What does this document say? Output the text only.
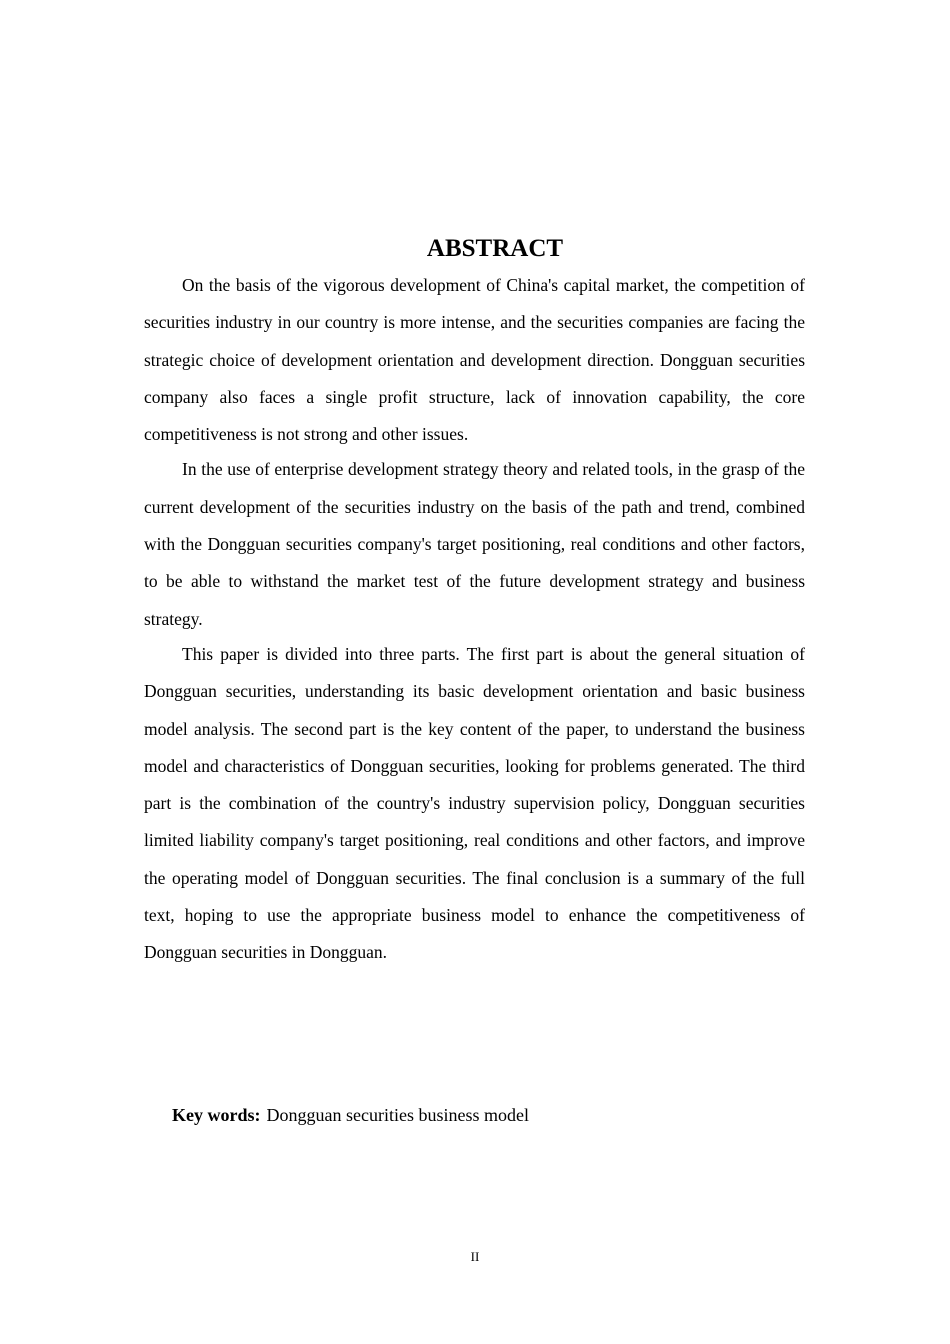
ABSTRACT

On the basis of the vigorous development of China's capital market, the competition of securities industry in our country is more intense, and the securities companies are facing the strategic choice of development orientation and development direction. Dongguan securities company also faces a single profit structure, lack of innovation capability, the core competitiveness is not strong and other issues.

In the use of enterprise development strategy theory and related tools, in the grasp of the current development of the securities industry on the basis of the path and trend, combined with the Dongguan securities company's target positioning, real conditions and other factors, to be able to withstand the market test of the future development strategy and business strategy.

This paper is divided into three parts. The first part is about the general situation of Dongguan securities, understanding its basic development orientation and basic business model analysis. The second part is the key content of the paper, to understand the business model and characteristics of Dongguan securities, looking for problems generated. The third part is the combination of the country's industry supervision policy, Dongguan securities limited liability company's target positioning, real conditions and other factors, and improve the operating model of Dongguan securities. The final conclusion is a summary of the full text, hoping to use the appropriate business model to enhance the competitiveness of Dongguan securities in Dongguan.

Key words: Dongguan securities business model
II
